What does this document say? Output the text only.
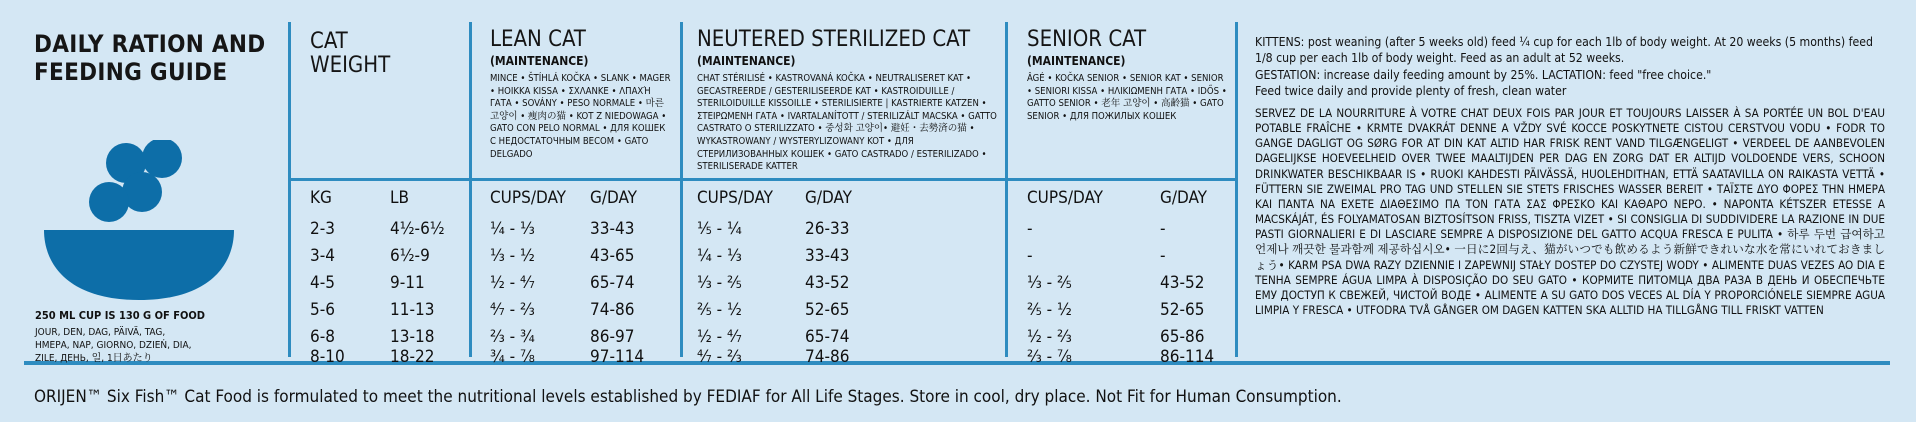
DAILY RATION AND FEEDING GUIDE
250 ML CUP IS 130 G OF FOOD
JOUR, DEN, DAG, PÄIVÄ, TAG, ΗΜΕΡΑ, NAP, GIORNO, DZIEŃ, DIA, ZILE, ДЕНЬ, 일, 1日あたり
CAT WEIGHT
KG	LB
LEAN CAT
(MAINTENANCE)
MINCE • ŠTÍHLÁ KOČKA • SLANK • MAGER • HOIKKA KISSA • ΣΧΛΑΝΚΕ • ΛΠΑΧΉ ΓΑΤΑ • SOVÁNY • PESO NORMALE • 마른 고양이 • 痩肉の猫 • KOT Z NIEDOWAGA • GATO CON PELO NORMAL • ДЛЯ КОШЕК С НЕДОСТАТОЧНЫМ ВЕСОМ • GATO DELGADO
CUPS/DAY G/DAY
NEUTERED STERILIZED CAT
(MAINTENANCE)
CHAT STÉRILISÉ • KASTROVANÁ KOČKA • NEUTRALISERET KAT • GECASTREERDE / GESTERILISEERDE KAT • KASTROIDUILLE / STERILOIDUILLE KISSOILLE • STERILISIERTE | KASTRIERTE KATZEN • ΣΤΕΙΡΩΜΕΝΗ ΓΑΤΑ • IVARTALANÍTOTT / STERILIZÁLT MACSKA • GATTO CASTRATO O STERILIZZATO • 중성화 고양이• 避妊・去勢済の猫 • WYKASTROWANY / WYSTERYLIZOWANY KOT • ДЛЯ СТЕРИЛИЗОВАННЫХ КОШЕК • GATO CASTRADO / ESTERILIZADO • STERILISERADE KATTER
CUPS/DAY G/DAY
SENIOR CAT
(MAINTENANCE)
ÂGÉ • KOČKA SENIOR • SENIOR KAT • SENIOR • SENIORI KISSA • ΗΛΙΚΙΩΜΕΝΗ ΓΑΤΑ • IDŐS • GATTO SENIOR • 老年 고양이 • 高齢猫 • GATO SENIOR • ДЛЯ ПОЖИЛЫХ КОШЕК
CUPS/DAY	G/DAY
2-3	4½-6½	¼ - ⅓	33-43	⅕ - ¼	26-33	-	-
3-4	6½-9	⅓ - ½	43-65	¼ - ⅓	33-43	-	-
4-5	9-11	½ - ⁴⁄₇	65-74	⅓ - ⅖	43-52	⅓ - ⅖	43-52
5-6	11-13	⁴⁄₇ - ⅔	74-86	⅖ - ½	52-65	⅖ - ½	52-65
6-8	13-18	⅔ - ¾	86-97	½ - ⁴⁄₇	65-74	½ - ⅔	65-86
8-10	18-22	¾ - ⅞	97-114	⁴⁄₇ - ⅔	74-86	⅔ - ⅞	86-114
KITTENS: post weaning (after 5 weeks old) feed ¼ cup for each 1lb of body weight. At 20 weeks (5 months) feed 1/8 cup per each 1lb of body weight. Feed as an adult at 52 weeks.
GESTATION: increase daily feeding amount by 25%. LACTATION: feed "free choice."
Feed twice daily and provide plenty of fresh, clean water
SERVEZ DE LA NOURRITURE À VOTRE CHAT DEUX FOIS PAR JOUR ET TOUJOURS LAISSER À SA PORTÉE UN BOL D'EAU POTABLE FRAÎCHE • KRMTE DVAKRÁT DENNE A VŽDY SVÉ KOCCE POSKYTNETE CISTOU CERSTVOU VODU • FODR TO GANGE DAGLIGT OG SØRG FOR AT DIN KAT ALTID HAR FRISK RENT VAND TILGÆNGELIGT • VERDEEL DE AANBEVOLEN DAGELIJKSE HOEVEELHEID OVER TWEE MAALTIJDEN PER DAG EN ZORG DAT ER ALTIJD VOLDOENDE VERS, SCHOON DRINKWATER BESCHIKBAAR IS • RUOKI KAHDESTI PÄIVÄSSÄ, HUOLEHDITHAN, ETTÄ SAATAVILLA ON RAIKASTA VETTÄ • FÜTTERN SIE ZWEIMAL PRO TAG UND STELLEN SIE STETS FRISCHES WASSER BEREIT • ΤΑΪΣΤΕ ΔΥΟ ΦΟΡΕΣ ΤΗΝ ΗΜΕΡΑ ΚΑΙ ΠΑΝΤΑ ΝΑ ΕΧΕΤΕ ΔΙΑΘΕΣΙΜΟ ΠΑ ΤΟΝ ΓΑΤΑ ΣΑΣ ΦΡΕΣΚΟ ΚΑΙ ΚΑΘΑΡΟ ΝΕΡΟ. • NAPONTA KÉTSZER ETESSE A MACSKÁJÁT, ÉS FOLYAMATOSAN BIZTOSÍTSON FRISS, TISZTA VIZET • SI CONSIGLIA DI SUDDIVIDERE LA RAZIONE IN DUE PASTI GIORNALIERI E DI LASCIARE SEMPRE A DISPOSIZIONE DEL GATTO ACQUA FRESCA E PULITA • 하루 두번 급여하고 언제나 깨끗한 물과함께 제공하십시오• 一日に2回与え、猫がいつでも飲めるよう新鮮できれいな水を常にいれておきましょう• KARM PSA DWA RAZY DZIENNIE I ZAPEWNIJ STAŁY DOSTEP DO CZYSTEJ WODY • ALIMENTE DUAS VEZES AO DIA E TENHA SEMPRE ÁGUA LIMPA À DISPOSIÇÃO DO SEU GATO • КОРМИТЕ ПИТОМЦА ДВА РАЗА В ДЕНЬ И ОБЕСПЕЧЬТЕ ЕМУ ДОСТУП К СВЕЖЕЙ, ЧИСТОЙ ВОДЕ • ALIMENTE A SU GATO DOS VECES AL DÍA Y PROPORCIÓNELE SIEMPRE AGUA LIMPIA Y FRESCA • UTFODRA TVÅ GÅNGER OM DAGEN KATTEN SKA ALLTID HA TILLGÅNG TILL FRISKT VATTEN
ORIJEN™ Six Fish™ Cat Food is formulated to meet the nutritional levels established by FEDIAF for All Life Stages. Store in cool, dry place. Not Fit for Human Consumption.
